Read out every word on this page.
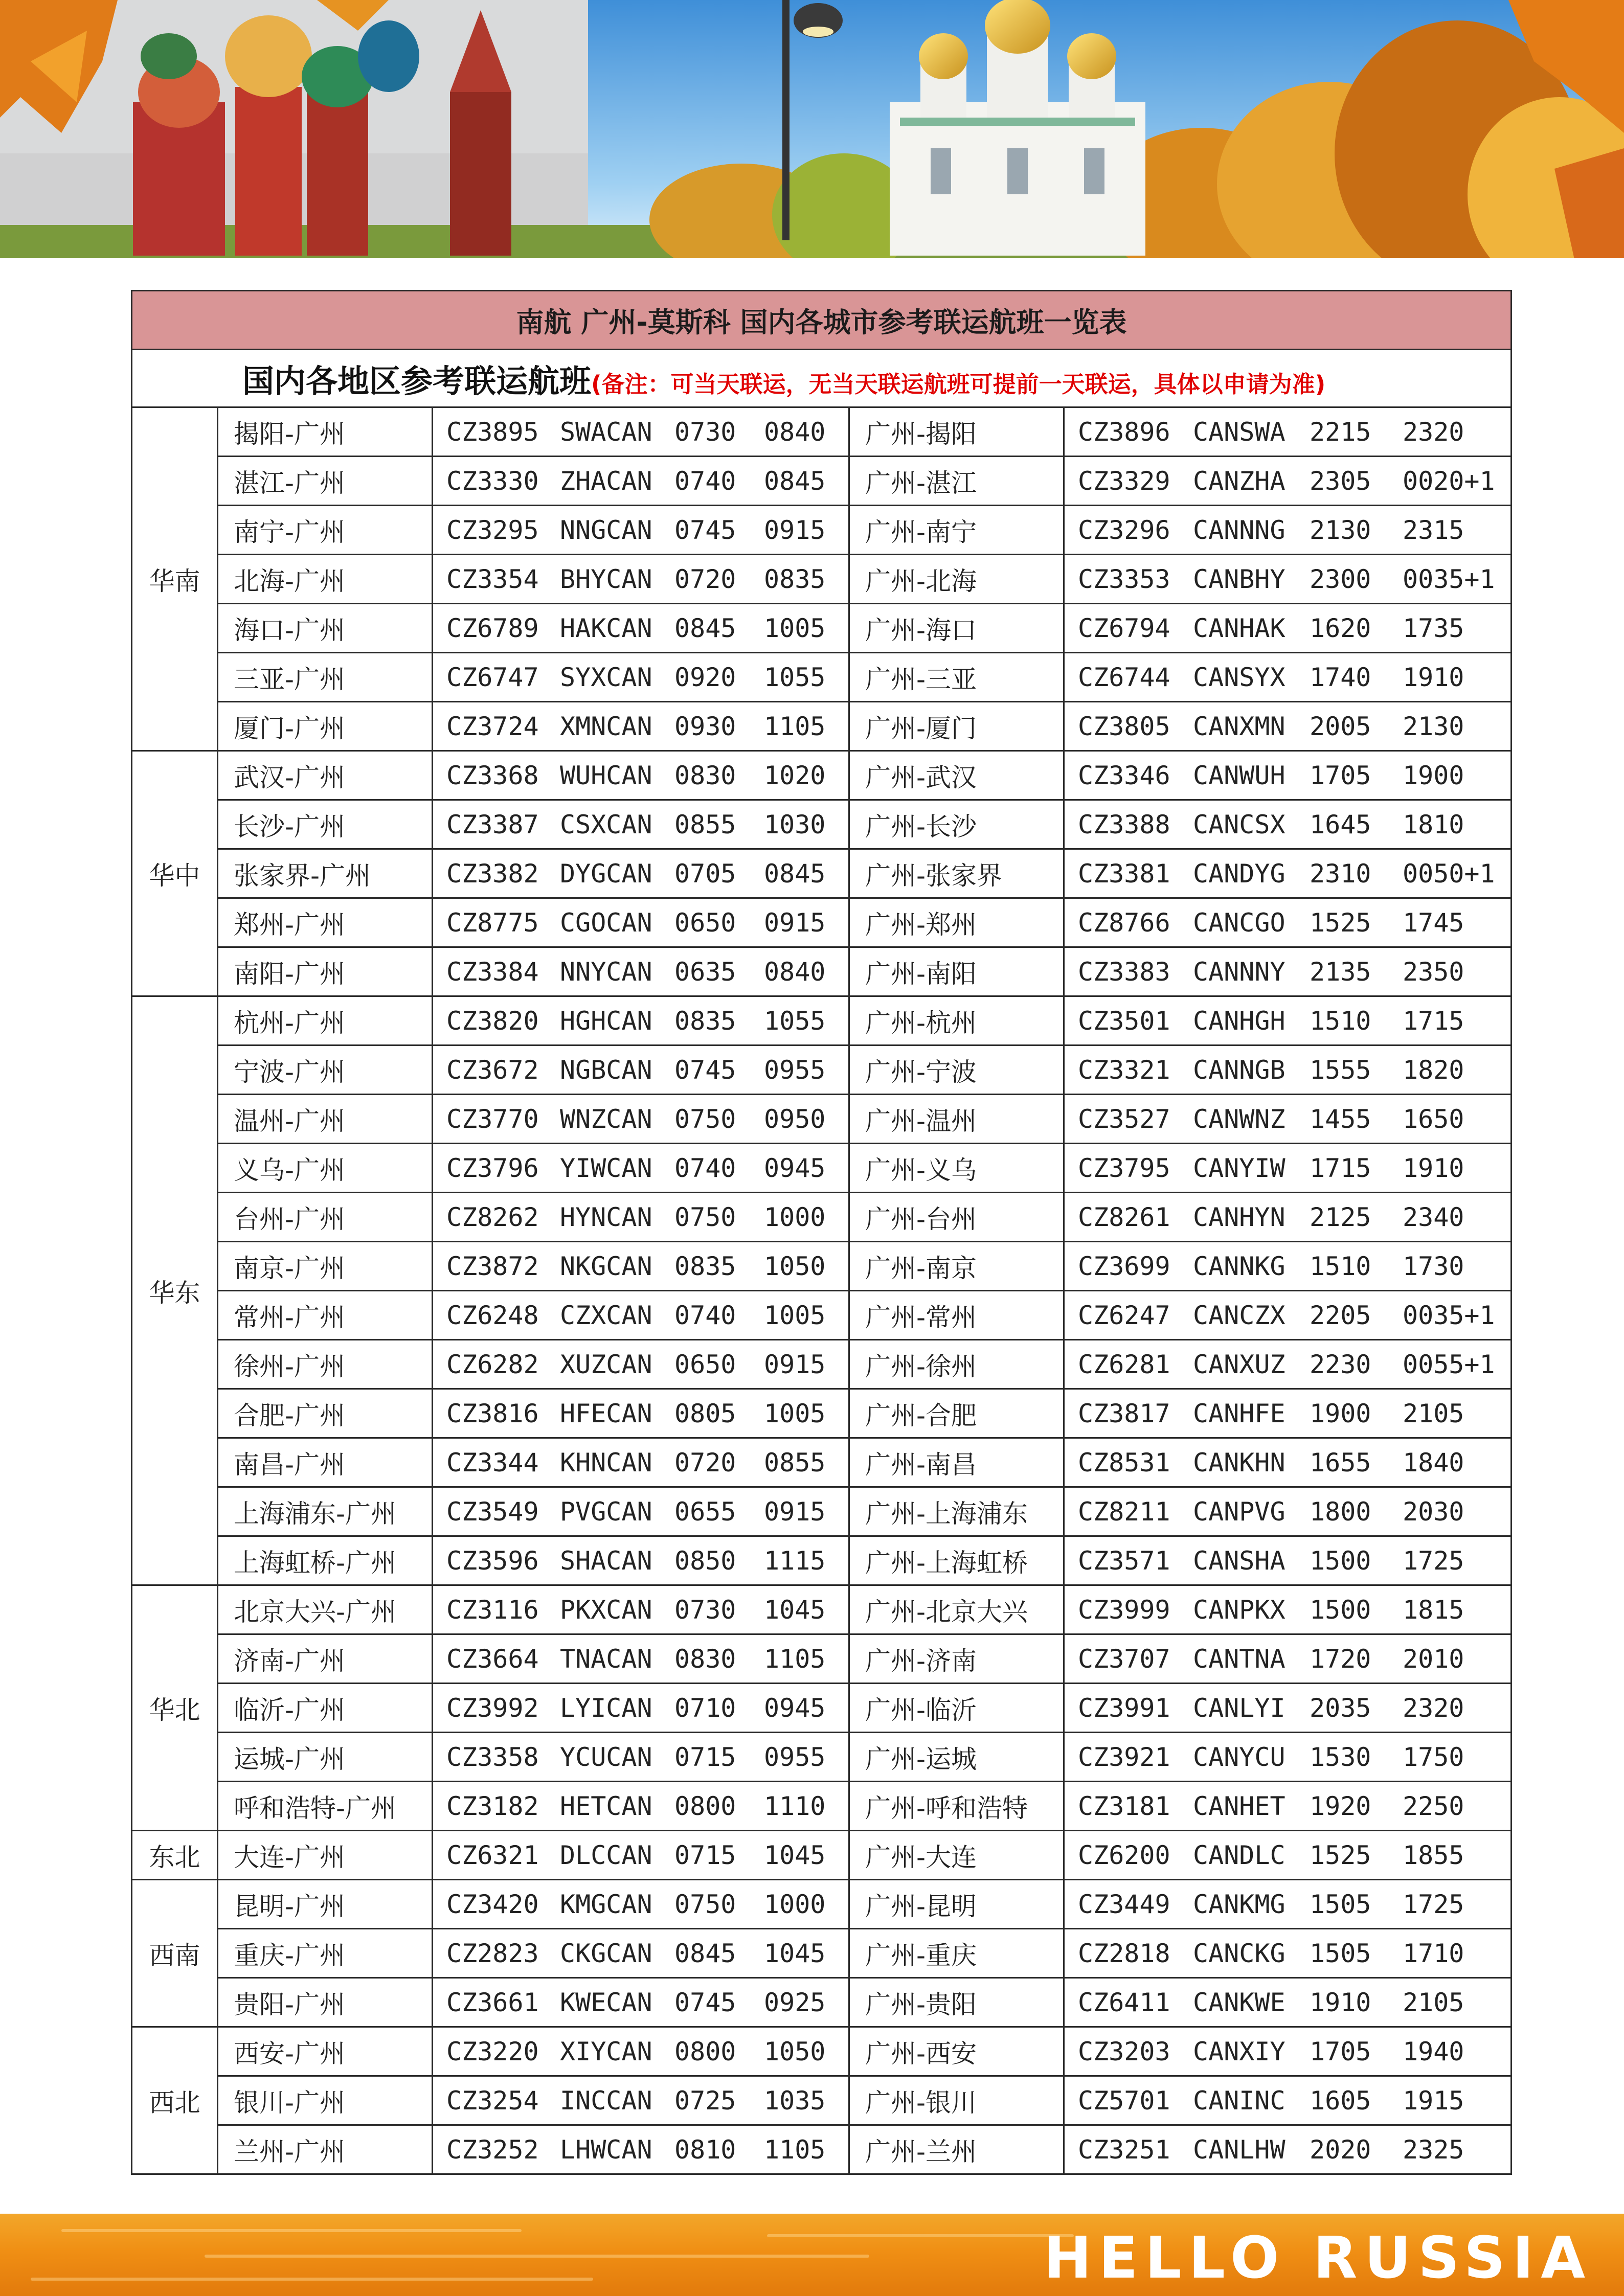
南航 广州-莫斯科 国内各城市参考联运航班一览表				
国内各地区参考联运航班(备注：可当天联运，无当天联运航班可提前一天联运，具体以申请为准)				
华南	揭阳-广州	CZ3895 SWACAN 0730 0840	广州-揭阳	CZ3896 CANSWA 2215 2320
	湛江-广州	CZ3330 ZHACAN 0740 0845	广州-湛江	CZ3329 CANZHA 2305 0020+1
	南宁-广州	CZ3295 NNGCAN 0745 0915	广州-南宁	CZ3296 CANNNG 2130 2315
	北海-广州	CZ3354 BHYCAN 0720 0835	广州-北海	CZ3353 CANBHY 2300 0035+1
	海口-广州	CZ6789 HAKCAN 0845 1005	广州-海口	CZ6794 CANHAK 1620 1735
	三亚-广州	CZ6747 SYXCAN 0920 1055	广州-三亚	CZ6744 CANSYX 1740 1910
	厦门-广州	CZ3724 XMNCAN 0930 1105	广州-厦门	CZ3805 CANXMN 2005 2130
华中	武汉-广州	CZ3368 WUHCAN 0830 1020	广州-武汉	CZ3346 CANWUH 1705 1900
	长沙-广州	CZ3387 CSXCAN 0855 1030	广州-长沙	CZ3388 CANCSX 1645 1810
	张家界-广州	CZ3382 DYGCAN 0705 0845	广州-张家界	CZ3381 CANDYG 2310 0050+1
	郑州-广州	CZ8775 CGOCAN 0650 0915	广州-郑州	CZ8766 CANCGO 1525 1745
	南阳-广州	CZ3384 NNYCAN 0635 0840	广州-南阳	CZ3383 CANNNY 2135 2350
华东	杭州-广州	CZ3820 HGHCAN 0835 1055	广州-杭州	CZ3501 CANHGH 1510 1715
	宁波-广州	CZ3672 NGBCAN 0745 0955	广州-宁波	CZ3321 CANNGB 1555 1820
	温州-广州	CZ3770 WNZCAN 0750 0950	广州-温州	CZ3527 CANWNZ 1455 1650
	义乌-广州	CZ3796 YIWCAN 0740 0945	广州-义乌	CZ3795 CANYIW 1715 1910
	台州-广州	CZ8262 HYNCAN 0750 1000	广州-台州	CZ8261 CANHYN 2125 2340
	南京-广州	CZ3872 NKGCAN 0835 1050	广州-南京	CZ3699 CANNKG 1510 1730
	常州-广州	CZ6248 CZXCAN 0740 1005	广州-常州	CZ6247 CANCZX 2205 0035+1
	徐州-广州	CZ6282 XUZCAN 0650 0915	广州-徐州	CZ6281 CANXUZ 2230 0055+1
	合肥-广州	CZ3816 HFECAN 0805 1005	广州-合肥	CZ3817 CANHFE 1900 2105
	南昌-广州	CZ3344 KHNCAN 0720 0855	广州-南昌	CZ8531 CANKHN 1655 1840
	上海浦东-广州	CZ3549 PVGCAN 0655 0915	广州-上海浦东	CZ8211 CANPVG 1800 2030
	上海虹桥-广州	CZ3596 SHACAN 0850 1115	广州-上海虹桥	CZ3571 CANSHA 1500 1725
华北	北京大兴-广州	CZ3116 PKXCAN 0730 1045	广州-北京大兴	CZ3999 CANPKX 1500 1815
	济南-广州	CZ3664 TNACAN 0830 1105	广州-济南	CZ3707 CANTNA 1720 2010
	临沂-广州	CZ3992 LYICAN 0710 0945	广州-临沂	CZ3991 CANLYI 2035 2320
	运城-广州	CZ3358 YCUCAN 0715 0955	广州-运城	CZ3921 CANYCU 1530 1750
	呼和浩特-广州	CZ3182 HETCAN 0800 1110	广州-呼和浩特	CZ3181 CANHET 1920 2250
东北	大连-广州	CZ6321 DLCCAN 0715 1045	广州-大连	CZ6200 CANDLC 1525 1855
西南	昆明-广州	CZ3420 KMGCAN 0750 1000	广州-昆明	CZ3449 CANKMG 1505 1725
	重庆-广州	CZ2823 CKGCAN 0845 1045	广州-重庆	CZ2818 CANCKG 1505 1710
	贵阳-广州	CZ3661 KWECAN 0745 0925	广州-贵阳	CZ6411 CANKWE 1910 2105
西北	西安-广州	CZ3220 XIYCAN 0800 1050	广州-西安	CZ3203 CANXIY 1705 1940
	银川-广州	CZ3254 INCCAN 0725 1035	广州-银川	CZ5701 CANINC 1605 1915
	兰州-广州	CZ3252 LHWCAN 0810 1105	广州-兰州	CZ3251 CANLHW 2020 2325
HELLO RUSSIA
